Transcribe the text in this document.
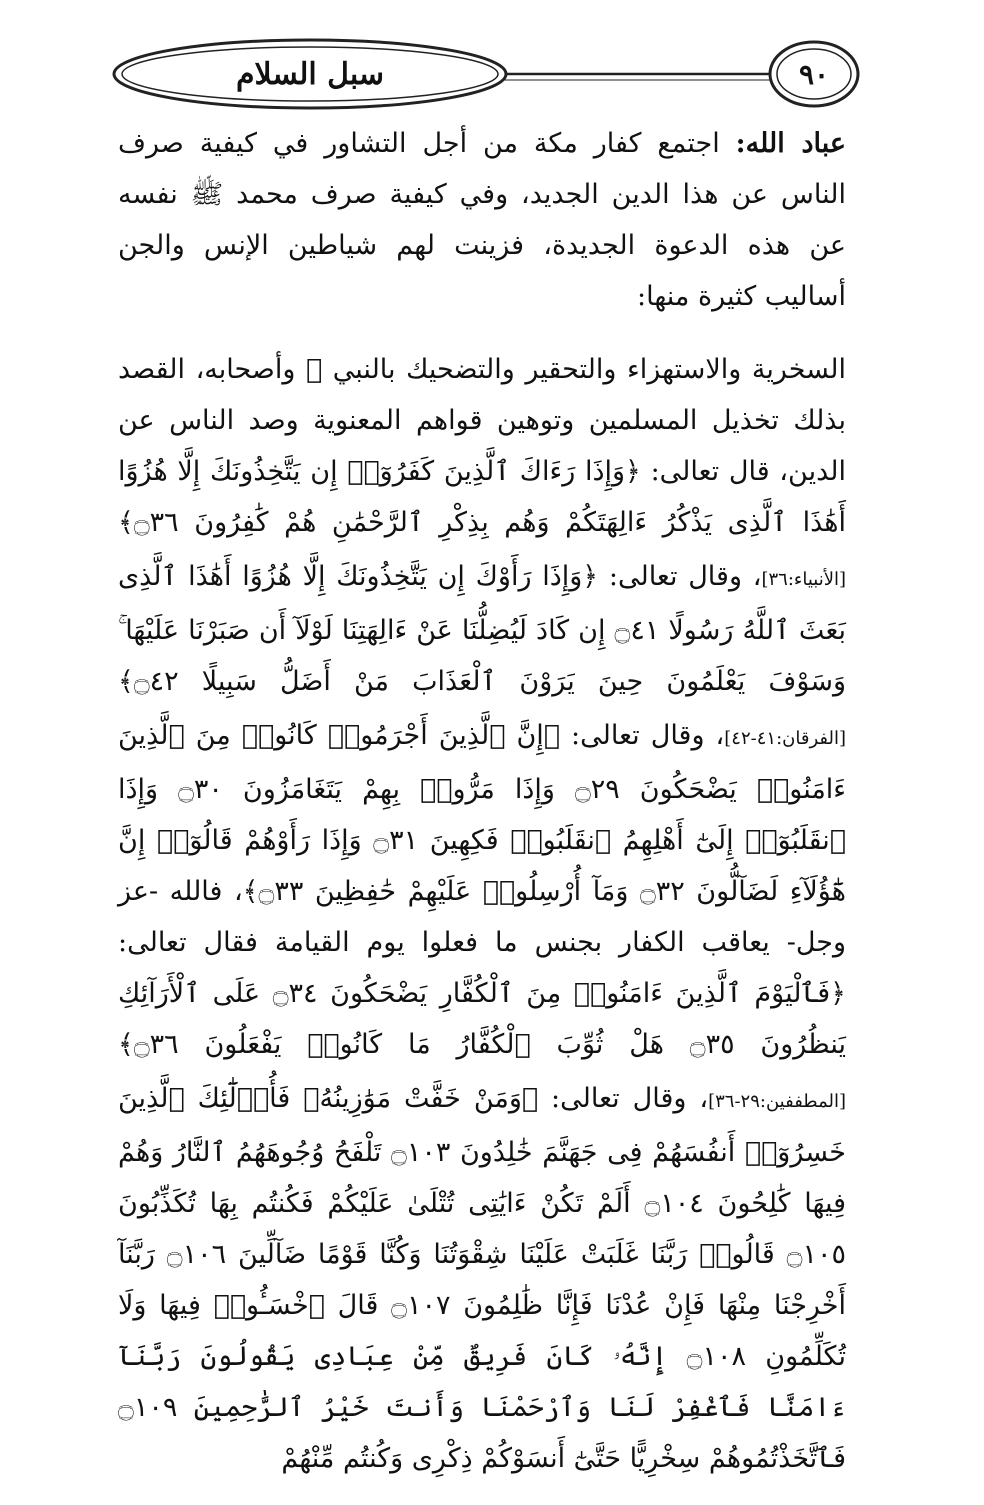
٩٠
سبل السلام

عباد الله: اجتمع كفار مكة من أجل التشاور في كيفية صرف الناس عن هذا الدين الجديد، وفي كيفية صرف محمد ﷺ نفسه عن هذه الدعوة الجديدة، فزينت لهم شياطين الإنس والجن أساليب كثيرة منها:

السخرية والاستهزاء والتحقير والتضحيك بالنبي ﷺ وأصحابه، القصد بذلك تخذيل المسلمين وتوهين قواهم المعنوية وصد الناس عن الدين، قال تعالى: ﴿وَإِذَا رَءَاكَ ٱلَّذِينَ كَفَرُوٓا۟ إِن يَتَّخِذُونَكَ إِلَّا هُزُوًا أَهَٰذَا ٱلَّذِى يَذْكُرُ ءَالِهَتَكُمْ وَهُم بِذِكْرِ ٱلرَّحْمَٰنِ هُمْ كَٰفِرُونَ ۝٣٦﴾ [الأنبياء:٣٦]، وقال تعالى: ﴿وَإِذَا رَأَوْكَ إِن يَتَّخِذُونَكَ إِلَّا هُزُوًا أَهَٰذَا ٱلَّذِى بَعَثَ ٱللَّهُ رَسُولًا ۝٤١ إِن كَادَ لَيُضِلُّنَا عَنْ ءَالِهَتِنَا لَوْلَآ أَن صَبَرْنَا عَلَيْهَا ۚ وَسَوْفَ يَعْلَمُونَ حِينَ يَرَوْنَ ٱلْعَذَابَ مَنْ أَضَلُّ سَبِيلًا ۝٤٢﴾ [الفرقان:٤١-٤٢]، وقال تعالى: ﴿إِنَّ ٱلَّذِينَ أَجْرَمُوا۟ كَانُوا۟ مِنَ ٱلَّذِينَ ءَامَنُوا۟ يَضْحَكُونَ ۝٢٩ وَإِذَا مَرُّوا۟ بِهِمْ يَتَغَامَزُونَ ۝٣٠ وَإِذَا ٱنقَلَبُوٓا۟ إِلَىٰٓ أَهْلِهِمُ ٱنقَلَبُوا۟ فَكِهِينَ ۝٣١ وَإِذَا رَأَوْهُمْ قَالُوٓا۟ إِنَّ هَٰٓؤُلَآءِ لَضَآلُّونَ ۝٣٢ وَمَآ أُرْسِلُوا۟ عَلَيْهِمْ حَٰفِظِينَ ۝٣٣﴾، فالله -عز وجل- يعاقب الكفار بجنس ما فعلوا يوم القيامة فقال تعالى: ﴿فَٱلْيَوْمَ ٱلَّذِينَ ءَامَنُوا۟ مِنَ ٱلْكُفَّارِ يَضْحَكُونَ ۝٣٤ عَلَى ٱلْأَرَآئِكِ يَنظُرُونَ ۝٣٥ هَلْ ثُوِّبَ ٱلْكُفَّارُ مَا كَانُوا۟ يَفْعَلُونَ ۝٣٦﴾ [المطففين:٢٩-٣٦]، وقال تعالى: ﴿وَمَنْ خَفَّتْ مَوَٰزِينُهُۥ فَأُو۟لَٰٓئِكَ ٱلَّذِينَ خَسِرُوٓا۟ أَنفُسَهُمْ فِى جَهَنَّمَ خَٰلِدُونَ ۝١٠٣ تَلْفَحُ وُجُوهَهُمُ ٱلنَّارُ وَهُمْ فِيهَا كَٰلِحُونَ ۝١٠٤ أَلَمْ تَكُنْ ءَايَٰتِى تُتْلَىٰ عَلَيْكُمْ فَكُنتُم بِهَا تُكَذِّبُونَ ۝١٠٥ قَالُوا۟ رَبَّنَا غَلَبَتْ عَلَيْنَا شِقْوَتُنَا وَكُنَّا قَوْمًا ضَآلِّينَ ۝١٠٦ رَبَّنَآ أَخْرِجْنَا مِنْهَا فَإِنْ عُدْنَا فَإِنَّا ظَٰلِمُونَ ۝١٠٧ قَالَ ٱخْسَـُٔوا۟ فِيهَا وَلَا تُكَلِّمُونِ ۝١٠٨ إِنَّهُۥ كَانَ فَرِيقٌ مِّنْ عِبَادِى يَقُولُونَ رَبَّنَآ ءَامَنَّا فَٱغْفِرْ لَنَا وَٱرْحَمْنَا وَأَنتَ خَيْرُ ٱلرَّٰحِمِينَ ۝١٠٩ فَٱتَّخَذْتُمُوهُمْ سِخْرِيًّا حَتَّىٰٓ أَنسَوْكُمْ ذِكْرِى وَكُنتُم مِّنْهُمْ
